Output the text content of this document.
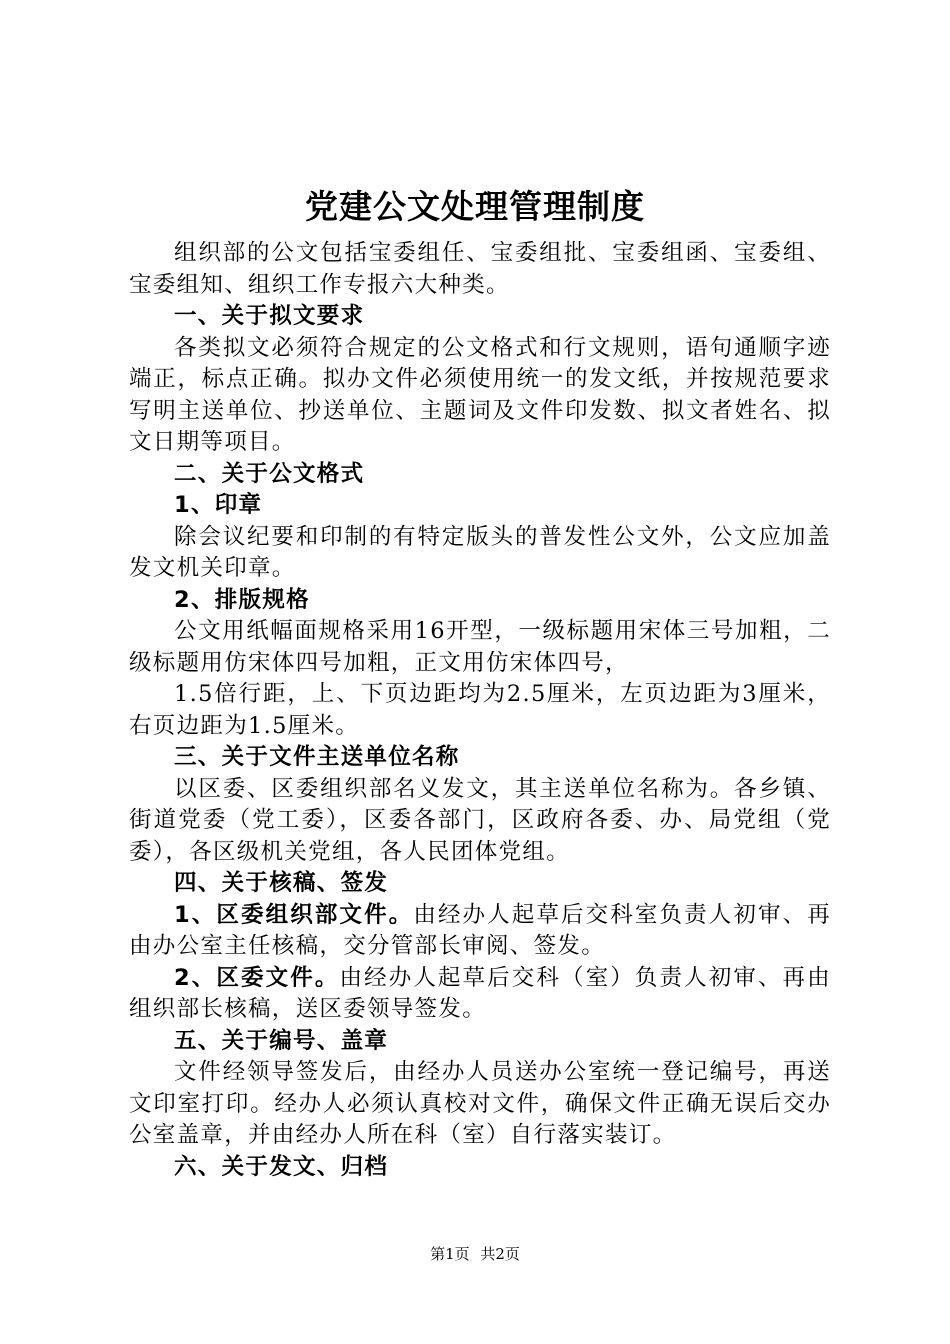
党建公文处理管理制度

组织部的公文包括宝委组任、宝委组批、宝委组函、宝委组、宝委组知、组织工作专报六大种类。

一、关于拟文要求

各类拟文必须符合规定的公文格式和行文规则，语句通顺字迹端正，标点正确。拟办文件必须使用统一的发文纸，并按规范要求写明主送单位、抄送单位、主题词及文件印发数、拟文者姓名、拟文日期等项目。

二、关于公文格式

1、印章

除会议纪要和印制的有特定版头的普发性公文外，公文应加盖发文机关印章。

2、排版规格

公文用纸幅面规格采用16开型，一级标题用宋体三号加粗，二级标题用仿宋体四号加粗，正文用仿宋体四号，

1.5倍行距，上、下页边距均为2.5厘米，左页边距为3厘米，右页边距为1.5厘米。

三、关于文件主送单位名称

以区委、区委组织部名义发文，其主送单位名称为。各乡镇、街道党委（党工委），区委各部门，区政府各委、办、局党组（党委），各区级机关党组，各人民团体党组。

四、关于核稿、签发

1、区委组织部文件。由经办人起草后交科室负责人初审、再由办公室主任核稿，交分管部长审阅、签发。

2、区委文件。由经办人起草后交科（室）负责人初审、再由组织部长核稿，送区委领导签发。

五、关于编号、盖章

文件经领导签发后，由经办人员送办公室统一登记编号，再送文印室打印。经办人必须认真校对文件，确保文件正确无误后交办公室盖章，并由经办人所在科（室）自行落实装订。

六、关于发文、归档

第1页 共2页
